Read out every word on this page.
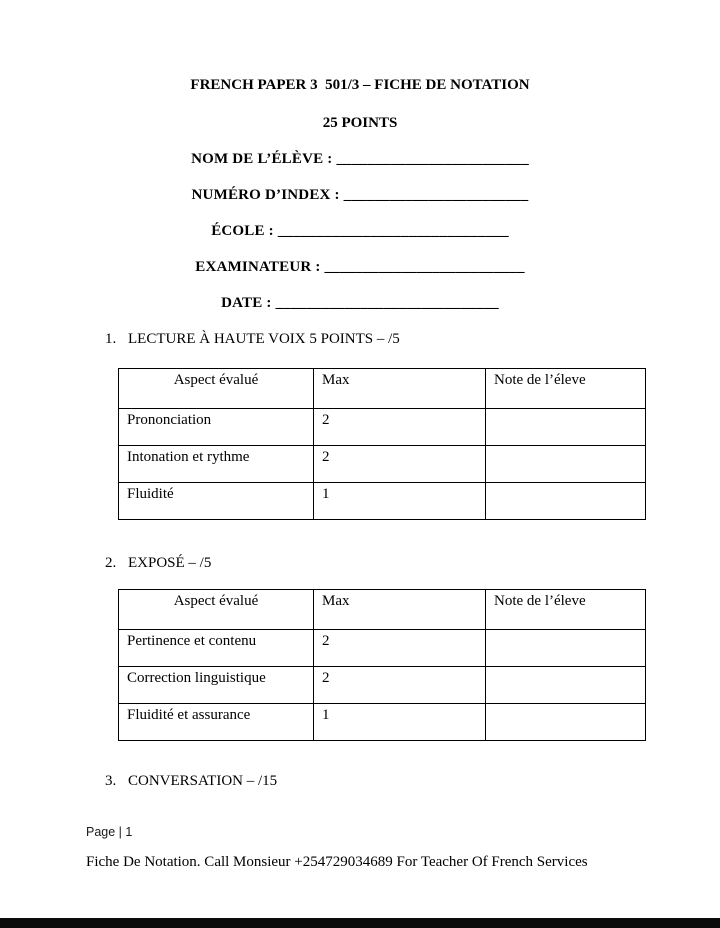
FRENCH PAPER 3  501/3 – FICHE DE NOTATION
25 POINTS
NOM DE L’ÉLÈVE : _________________________
NUMÉRO D’INDEX : ________________________
ÉCOLE : ______________________________
EXAMINATEUR : __________________________
DATE : _____________________________
1. LECTURE À HAUTE VOIX 5 POINTS – /5
Aspect évalué	Max	Note de l’éleve
Prononciation	2	
Intonation et rythme	2	
Fluidité	1	
2. EXPOSÉ – /5
Aspect évalué	Max	Note de l’éleve
Pertinence et contenu	2	
Correction linguistique	2	
Fluidité et assurance	1	
3. CONVERSATION – /15
Page | 1
Fiche De Notation. Call Monsieur +254729034689 For Teacher Of French Services
